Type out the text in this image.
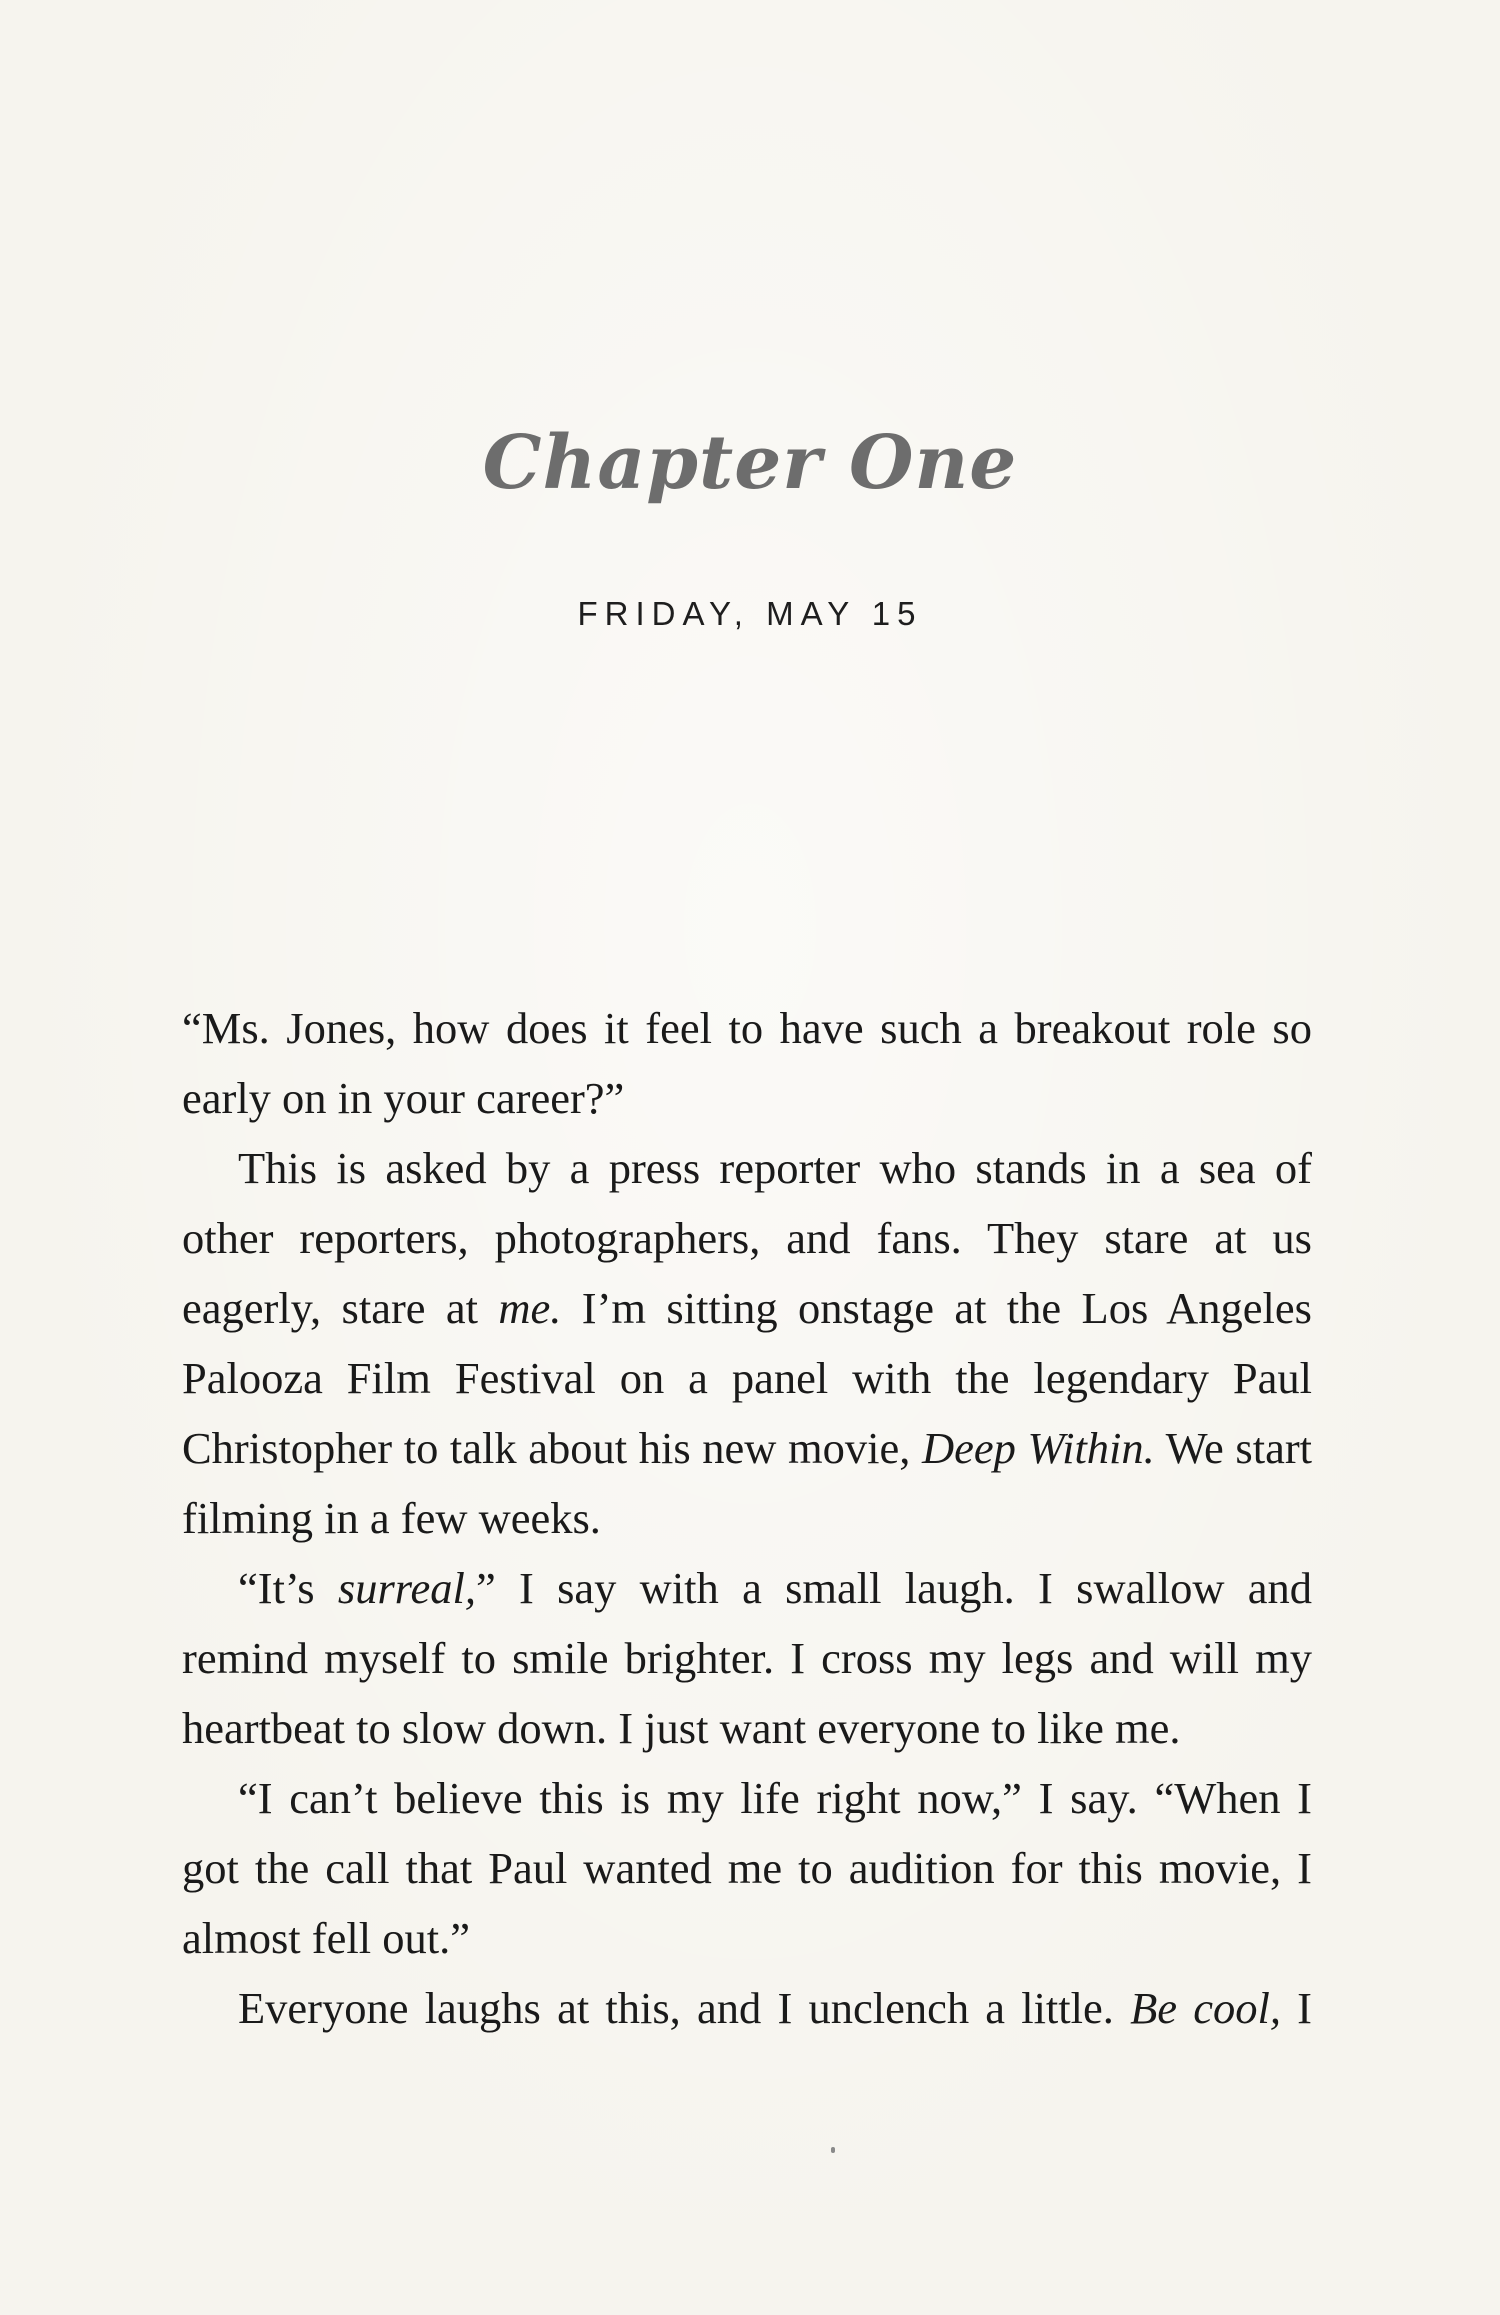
Chapter One
FRIDAY, MAY 15

“Ms. Jones, how does it feel to have such a breakout role so early on in your career?”

This is asked by a press reporter who stands in a sea of other reporters, photographers, and fans. They stare at us eagerly, stare at me. I’m sitting onstage at the Los Angeles Palooza Film Festival on a panel with the legendary Paul Christopher to talk about his new movie, Deep Within. We start filming in a few weeks.

“It’s surreal,” I say with a small laugh. I swallow and remind myself to smile brighter. I cross my legs and will my heartbeat to slow down. I just want everyone to like me.

“I can’t believe this is my life right now,” I say. “When I got the call that Paul wanted me to audition for this movie, I almost fell out.”

Everyone laughs at this, and I unclench a little. Be cool, I
